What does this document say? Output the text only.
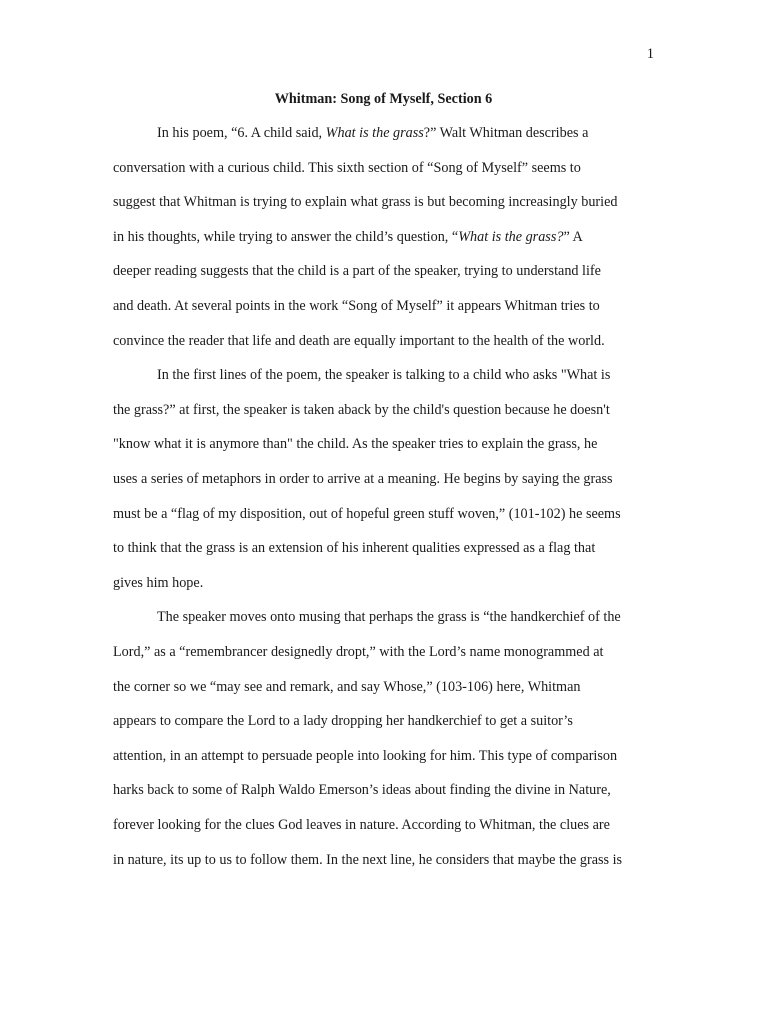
1
Whitman: Song of Myself, Section 6
In his poem, “6. A child said, What is the grass?” Walt Whitman describes a
conversation with a curious child. This sixth section of “Song of Myself” seems to
suggest that Whitman is trying to explain what grass is but becoming increasingly buried
in his thoughts, while trying to answer the child’s question, “What is the grass?” A
deeper reading suggests that the child is a part of the speaker, trying to understand life
and death. At several points in the work “Song of Myself” it appears Whitman tries to
convince the reader that life and death are equally important to the health of the world.
In the first lines of the poem, the speaker is talking to a child who asks "What is
the grass?” at first, the speaker is taken aback by the child's question because he doesn't
"know what it is anymore than" the child. As the speaker tries to explain the grass, he
uses a series of metaphors in order to arrive at a meaning. He begins by saying the grass
must be a “flag of my disposition, out of hopeful green stuff woven,” (101-102) he seems
to think that the grass is an extension of his inherent qualities expressed as a flag that
gives him hope.
The speaker moves onto musing that perhaps the grass is “the handkerchief of the
Lord,” as a “remembrancer designedly dropt,” with the Lord’s name monogrammed at
the corner so we “may see and remark, and say Whose,” (103-106) here, Whitman
appears to compare the Lord to a lady dropping her handkerchief to get a suitor’s
attention, in an attempt to persuade people into looking for him. This type of comparison
harks back to some of Ralph Waldo Emerson’s ideas about finding the divine in Nature,
forever looking for the clues God leaves in nature. According to Whitman, the clues are
in nature, its up to us to follow them. In the next line, he considers that maybe the grass is
